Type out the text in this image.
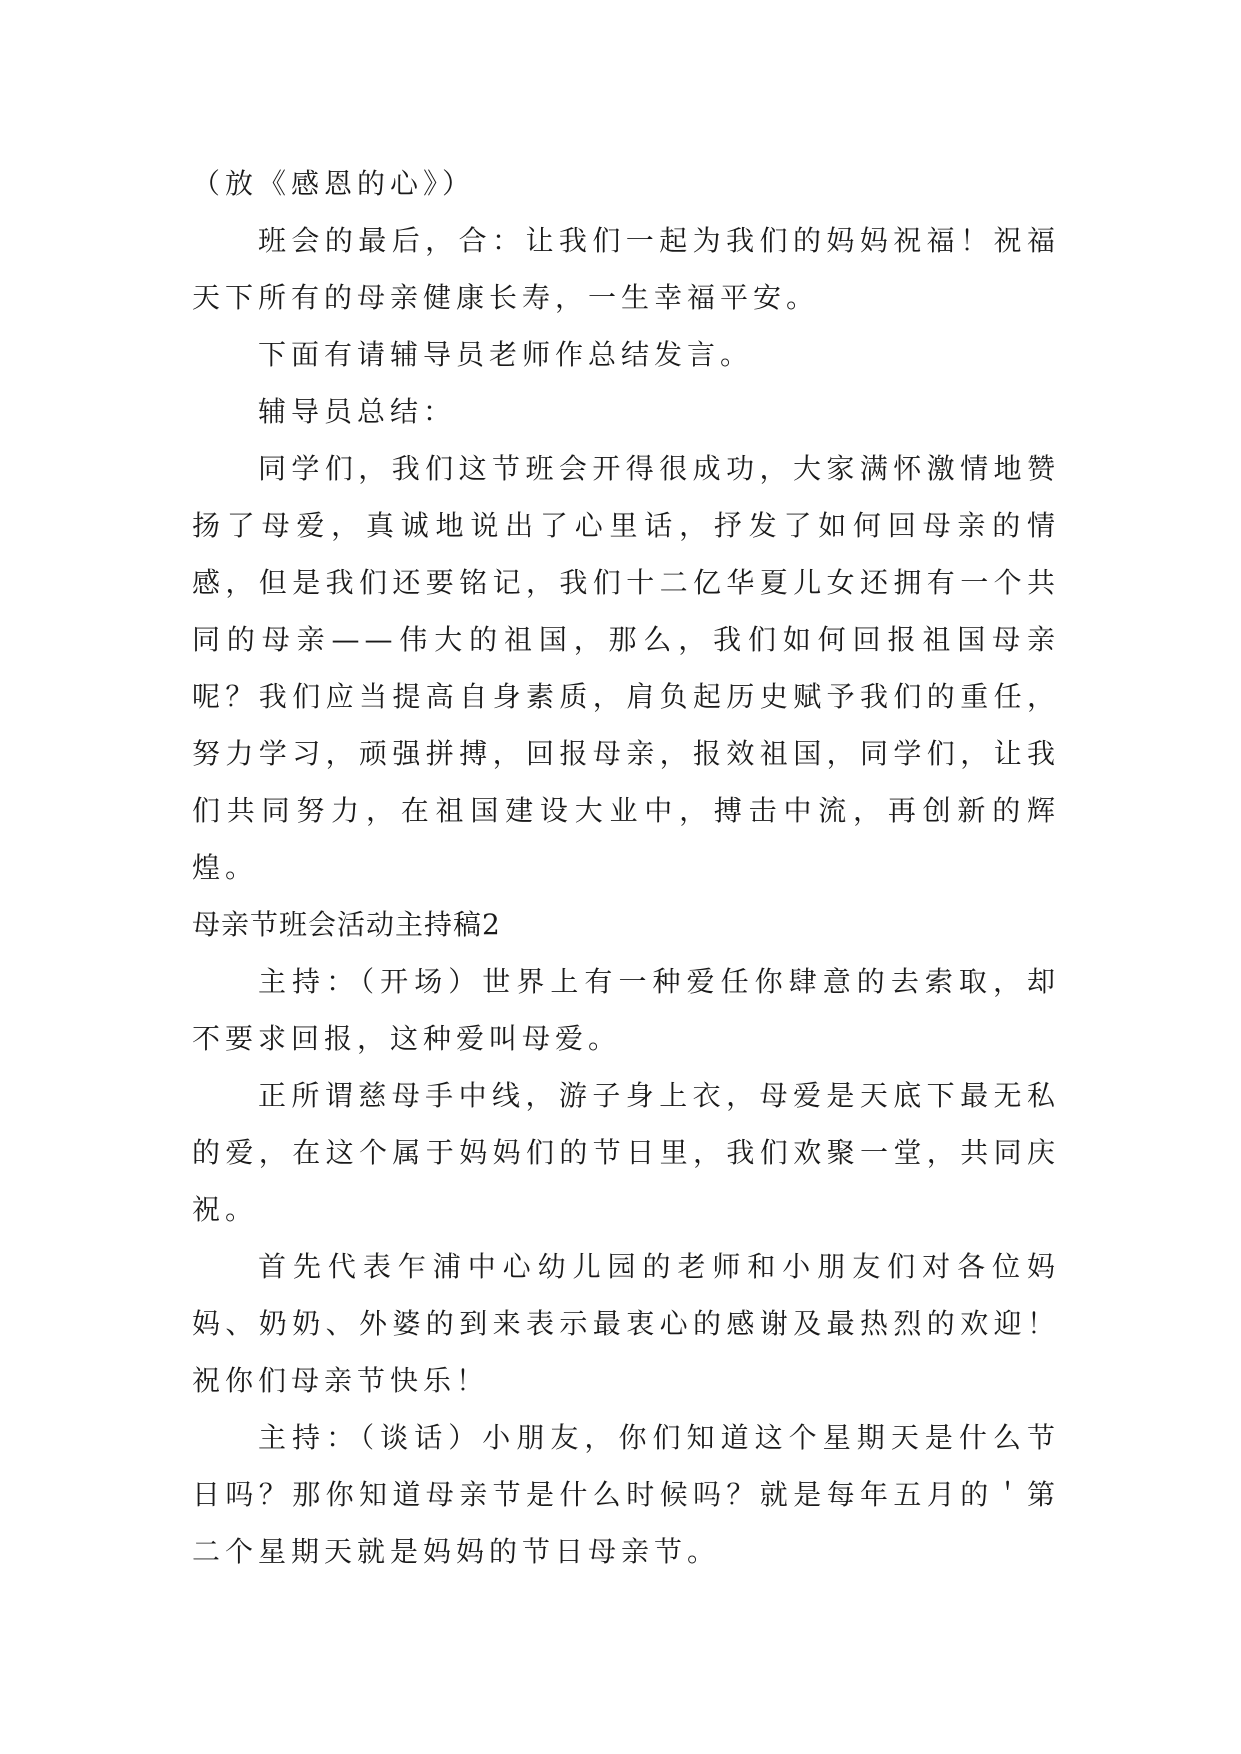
（放《感恩的心》）

班会的最后，合：让我们一起为我们的妈妈祝福！祝福天下所有的母亲健康长寿，一生幸福平安。

下面有请辅导员老师作总结发言。

辅导员总结：

同学们，我们这节班会开得很成功，大家满怀激情地赞扬了母爱，真诚地说出了心里话，抒发了如何回母亲的情感，但是我们还要铭记，我们十二亿华夏儿女还拥有一个共同的母亲——伟大的祖国，那么，我们如何回报祖国母亲呢？我们应当提高自身素质，肩负起历史赋予我们的重任，努力学习，顽强拼搏，回报母亲，报效祖国，同学们，让我们共同努力，在祖国建设大业中，搏击中流，再创新的辉煌。

母亲节班会活动主持稿2

主持：（开场）世界上有一种爱任你肆意的去索取，却不要求回报，这种爱叫母爱。

正所谓慈母手中线，游子身上衣，母爱是天底下最无私的爱，在这个属于妈妈们的节日里，我们欢聚一堂，共同庆祝。

首先代表乍浦中心幼儿园的老师和小朋友们对各位妈妈、奶奶、外婆的到来表示最衷心的感谢及最热烈的欢迎！祝你们母亲节快乐！

主持：（谈话）小朋友，你们知道这个星期天是什么节日吗？那你知道母亲节是什么时候吗？就是每年五月的＇第二个星期天就是妈妈的节日母亲节。
